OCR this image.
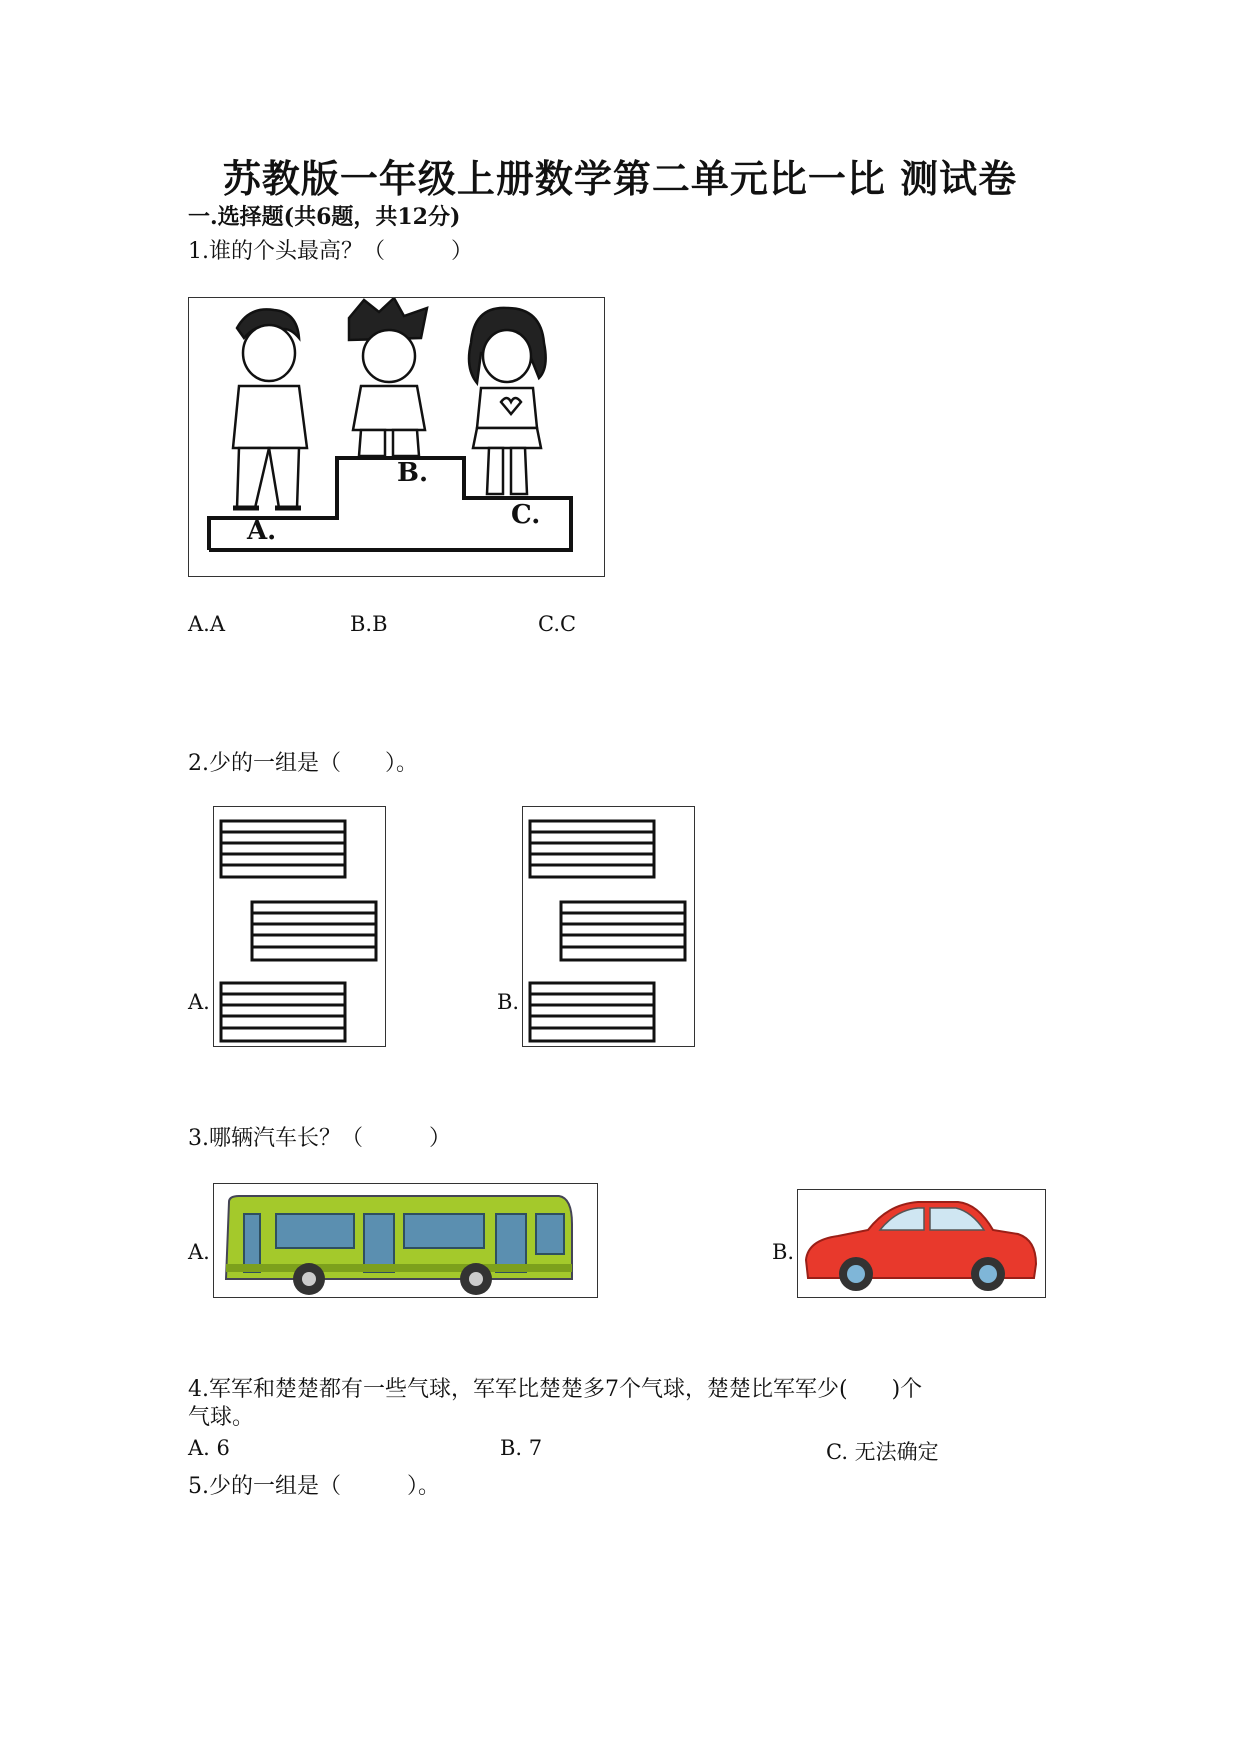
苏教版一年级上册数学第二单元比一比 测试卷
一.选择题(共6题，共12分)
1.谁的个头最高？（　　　）
A.
B.
C.
A.A	B.B	C.C
2.少的一组是（　　）。
A.	B.
3.哪辆汽车长？（　　　）
A.	B.
4.军军和楚楚都有一些气球，军军比楚楚多7个气球，楚楚比军军少(　　)个
气球。
A. 6	B. 7	C. 无法确定
5.少的一组是（　　　）。
